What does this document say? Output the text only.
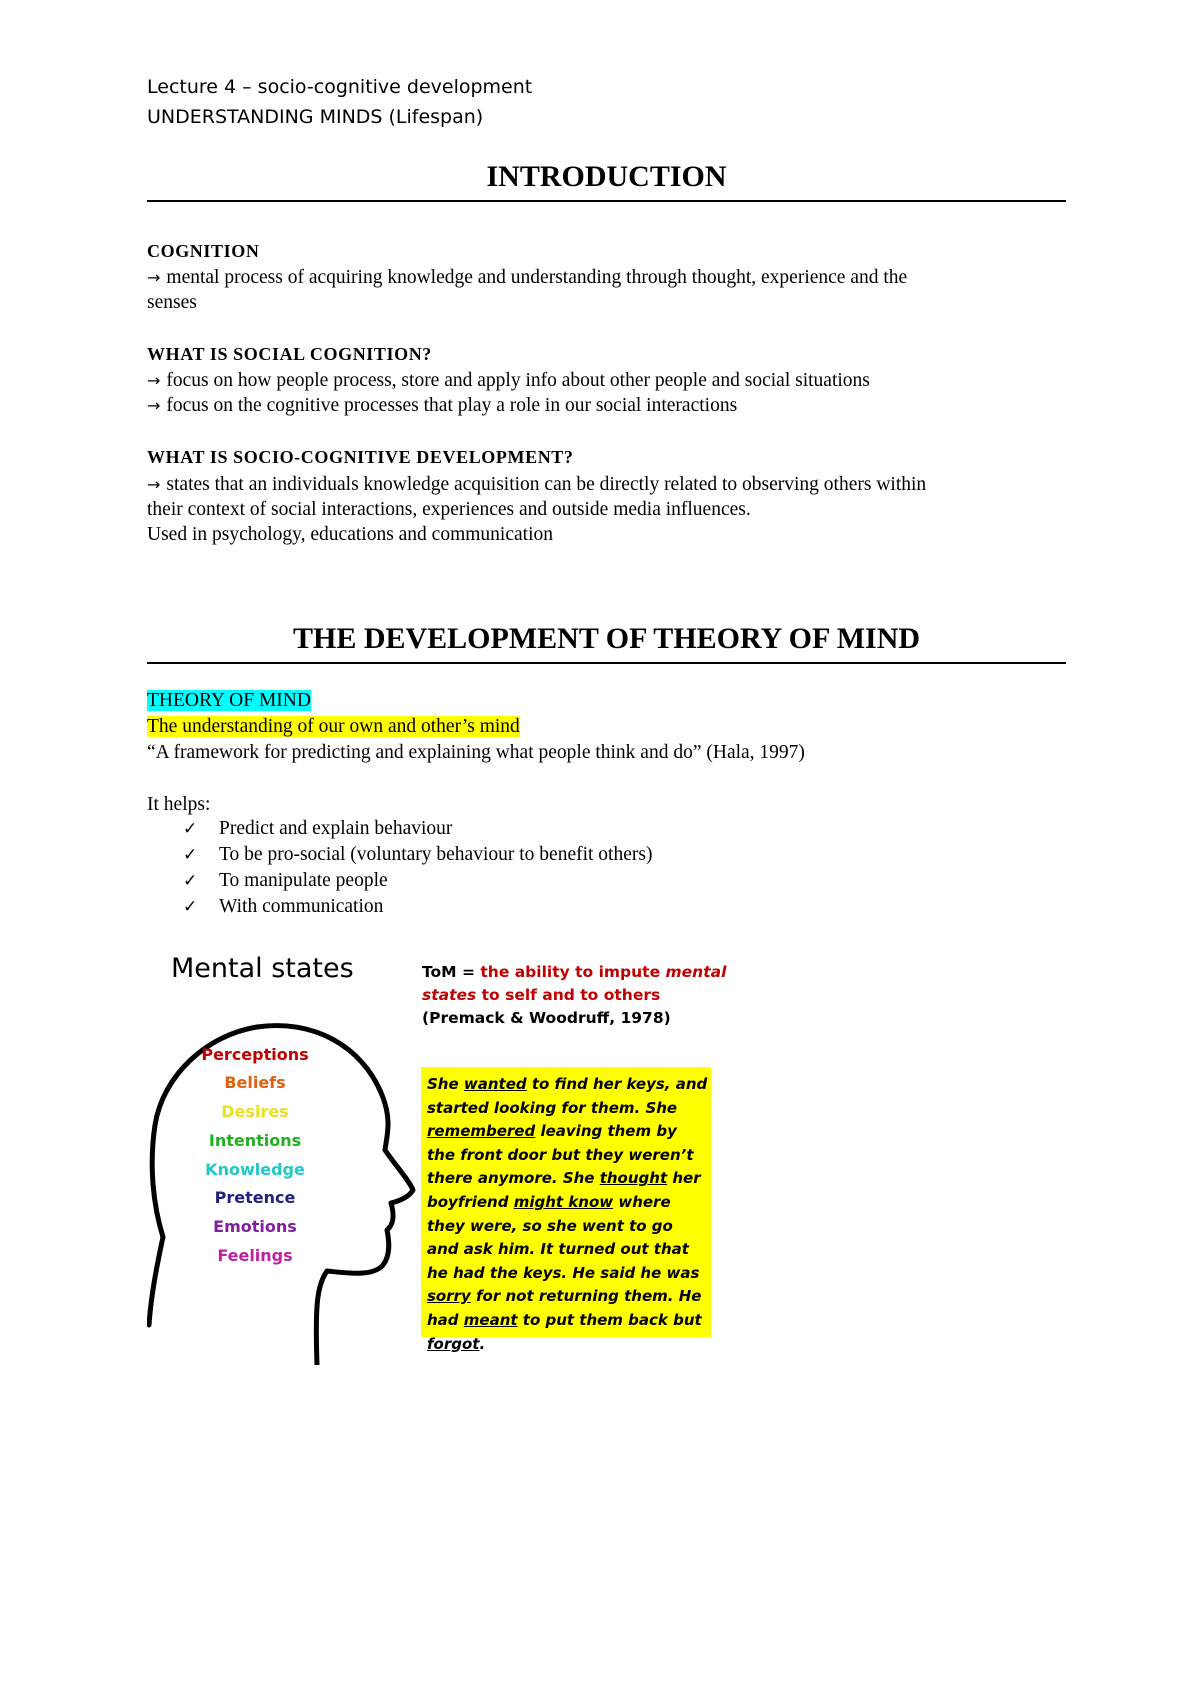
Lecture 4 – socio-cognitive development
UNDERSTANDING MINDS (Lifespan)
INTRODUCTION
COGNITION
→ mental process of acquiring knowledge and understanding through thought, experience and the
senses
WHAT IS SOCIAL COGNITION?
→ focus on how people process, store and apply info about other people and social situations
→ focus on the cognitive processes that play a role in our social interactions
WHAT IS SOCIO-COGNITIVE DEVELOPMENT?
→ states that an individuals knowledge acquisition can be directly related to observing others within
their context of social interactions, experiences and outside media influences.
Used in psychology, educations and communication
THE DEVELOPMENT OF THEORY OF MIND
THEORY OF MIND
The understanding of our own and other’s mind
“A framework for predicting and explaining what people think and do” (Hala, 1997)
It helps:
✓ Predict and explain behaviour
✓ To be pro-social (voluntary behaviour to benefit others)
✓ To manipulate people
✓ With communication
Mental states
Perceptions
Beliefs
Desires
Intentions
Knowledge
Pretence
Emotions
Feelings
ToM = the ability to impute mental
states to self and to others
(Premack & Woodruff, 1978)
She wanted to find her keys, and started looking for them. She remembered leaving them by the front door but they weren’t there anymore. She thought her boyfriend might know where they were, so she went to go and ask him. It turned out that he had the keys. He said he was sorry for not returning them. He had meant to put them back but forgot.
